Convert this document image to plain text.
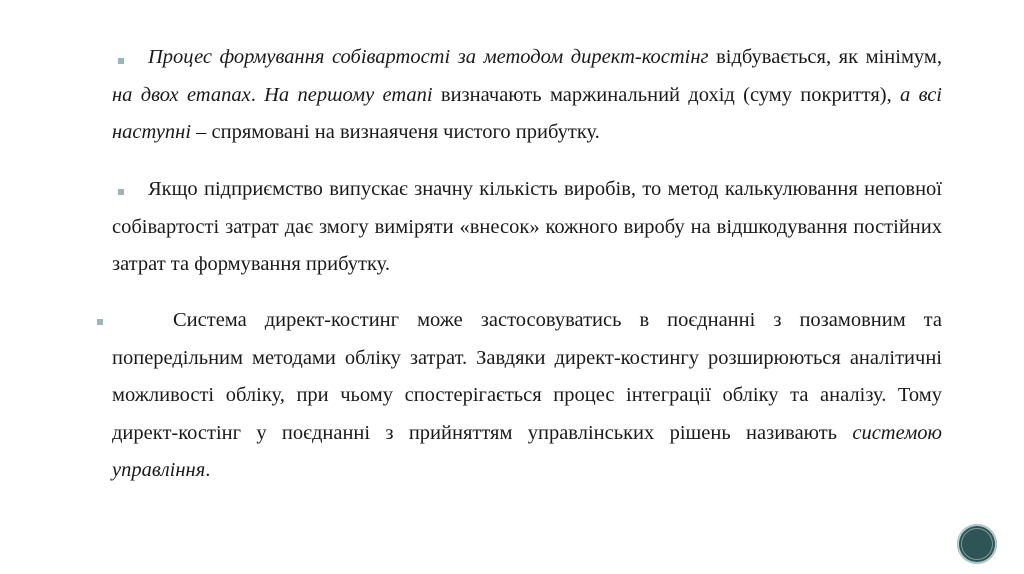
Процес формування собівартості за методом директ-костінг відбувається, як мінімум, на двох етапах. На першому етапі визначають маржинальний дохід (суму покриття), а всі наступні – спрямовані на визнаяченя чистого прибутку.

Якщо підприємство випускає значну кількість виробів, то метод калькулювання неповної собівартості затрат дає змогу виміряти «внесок» кожного виробу на відшкодування постійних затрат та формування прибутку.

Система директ-костинг може застосовуватись в поєднанні з позамовним та попередільним методами обліку затрат. Завдяки директ-костингу розширюються аналітичні можливості обліку, при чьому спостерігається процес інтеграції обліку та аналізу. Тому директ-костінг у поєднанні з прийняттям управлінських рішень називають системою управління.
